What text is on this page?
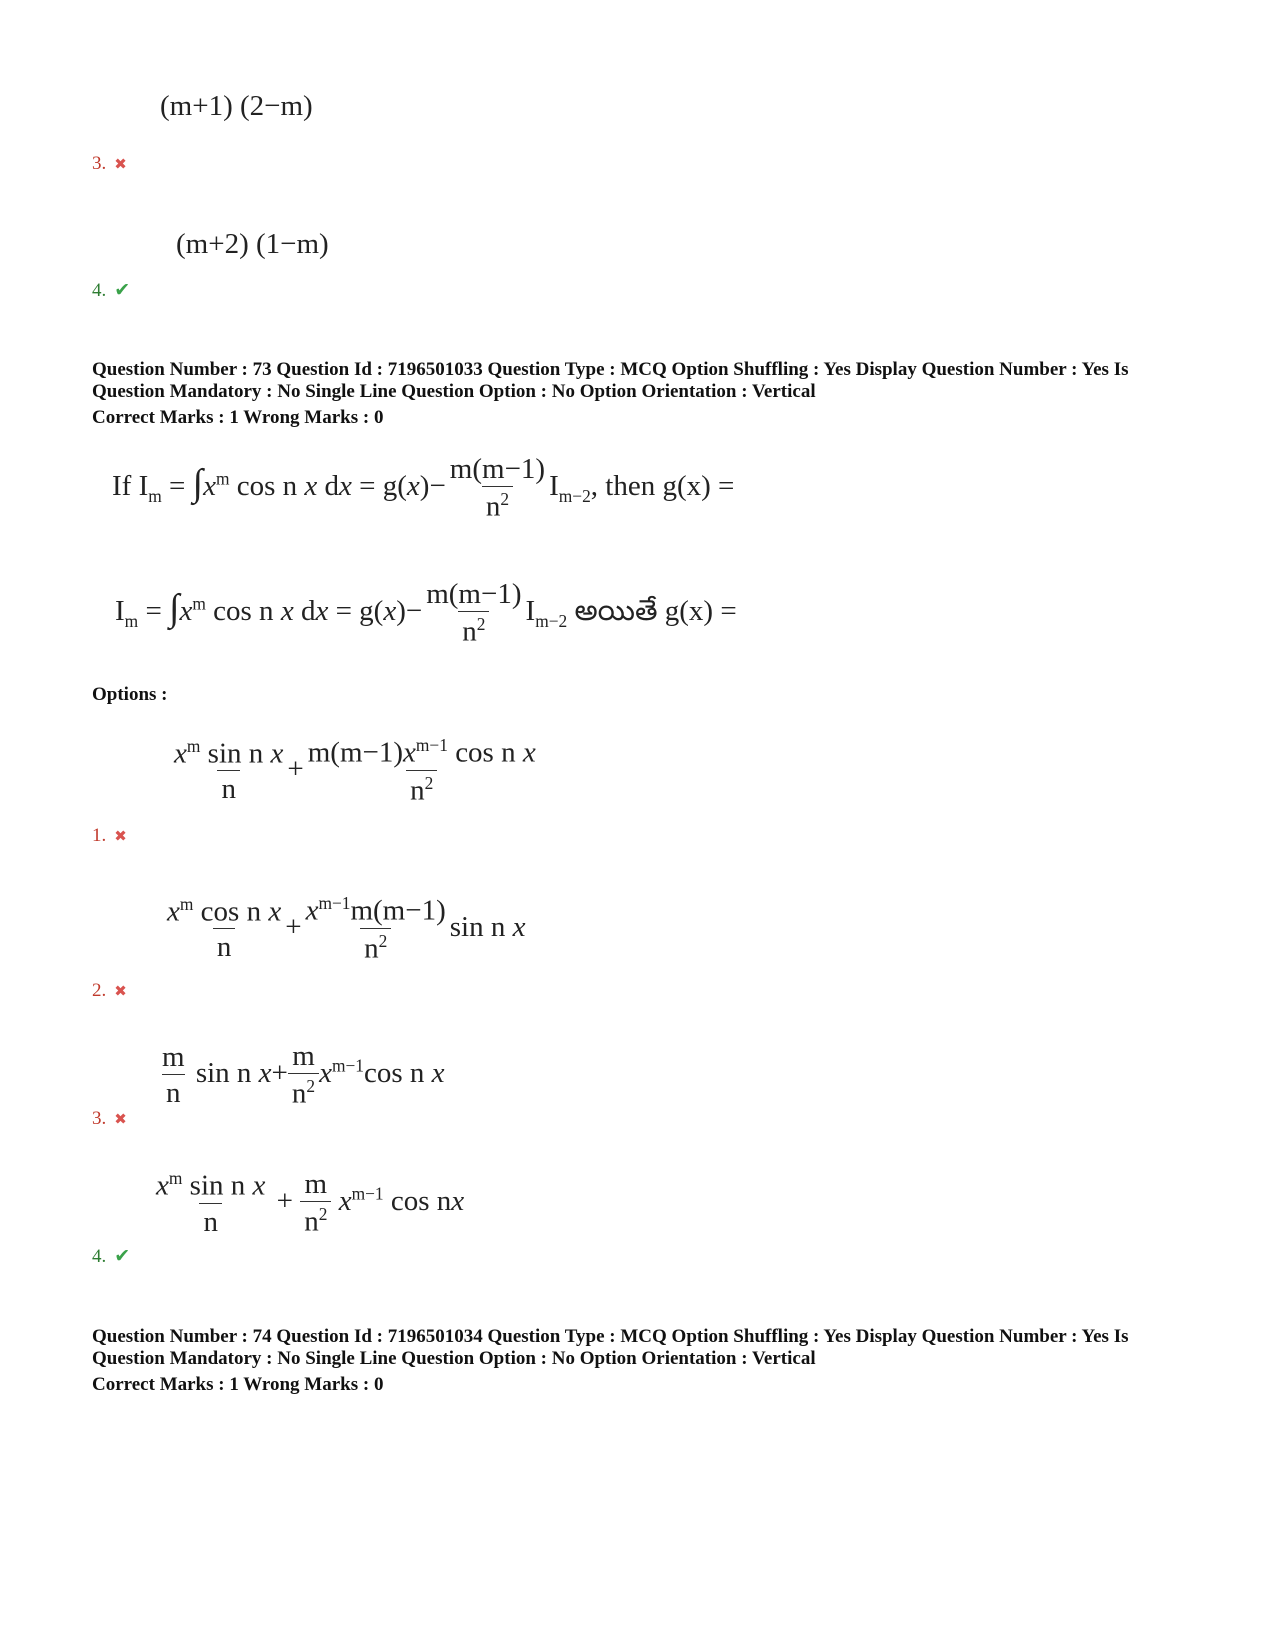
(m+1) (2−m)
3. ✖
(m+2) (1−m)
4. ✔
Question Number : 73 Question Id : 7196501033 Question Type : MCQ Option Shuffling : Yes Display Question Number : Yes Is
Question Mandatory : No Single Line Question Option : No Option Orientation : Vertical
Correct Marks : 1 Wrong Marks : 0
If $I_m = \int x^m$ cos n x dx = $g(x)- \frac{m(m-1)}{n^2} I_{m-2}$, then g(x) =
$I_m = \int x^m$ cos n x dx = $g(x)- \frac{m(m-1)}{n^2} I_{m-2}$ అయితే g(x) =
Options :
$\frac{x^m \sin n x}{n} + \frac{m(m-1)x^{m-1} \cos n x}{n^2}$
1. ✖
$\frac{x^m \cos n x}{n} + \frac{x^{m-1}m(m-1)}{n^2}$ sin n x
2. ✖
$\frac{m}{n}$ sin n $x+ \frac{m}{n^2} x^{m-1}\cos$ n x
3. ✖
$\frac{x^m \sin n x}{n} + \frac{m}{n^2} x^{m-1}$ cos nx
4. ✔
Question Number : 74 Question Id : 7196501034 Question Type : MCQ Option Shuffling : Yes Display Question Number : Yes Is
Question Mandatory : No Single Line Question Option : No Option Orientation : Vertical
Correct Marks : 1 Wrong Marks : 0
